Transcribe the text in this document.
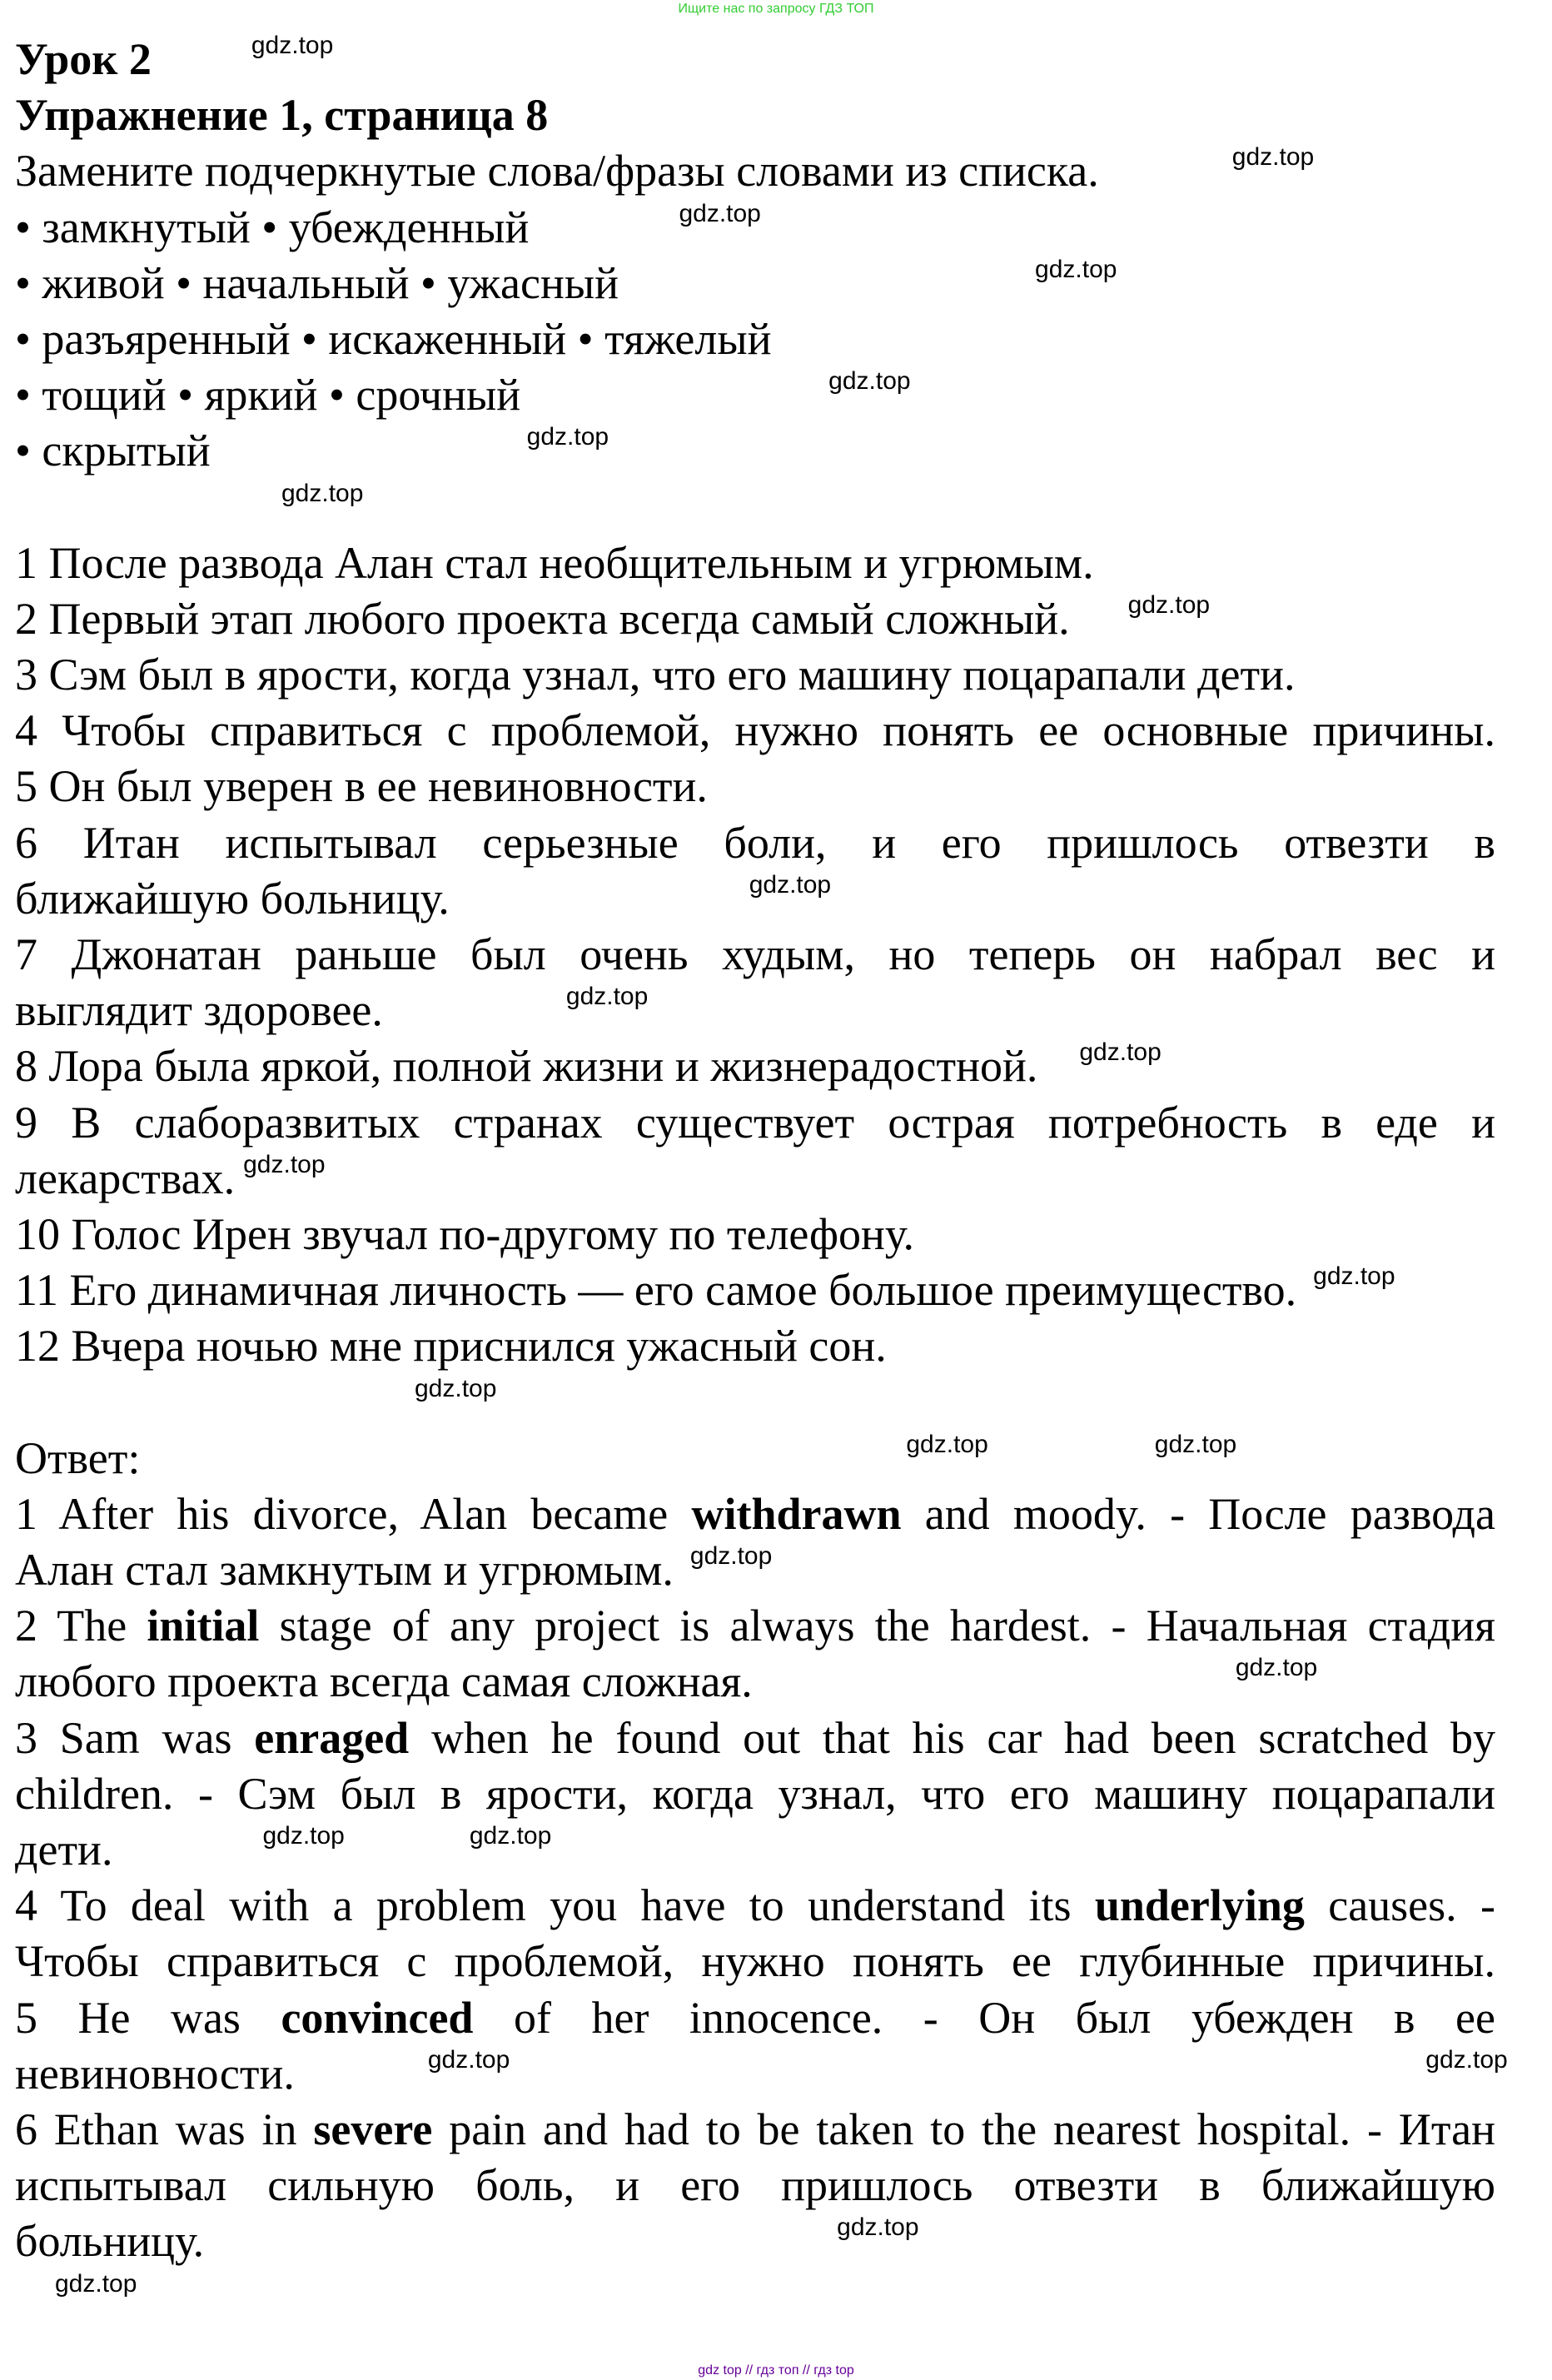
Ищите нас по запросу ГДЗ ТОП
Урок 2	gdz.top
Упражнение 1, страница 8
Замените подчеркнутые слова/фразы словами из списка.	gdz.top
• замкнутый • убежденный	gdz.top
• живой • начальный • ужасный	gdz.top
• разъяренный • искаженный • тяжелый
• тощий • яркий • срочный	gdz.top
• скрытый	gdz.top
gdz.top
1 После развода Алан стал необщительным и угрюмым.
2 Первый этап любого проекта всегда самый сложный. gdz.top
3 Сэм был в ярости, когда узнал, что его машину поцарапали дети.
4 Чтобы справиться с проблемой, нужно понять ее основные причины.
5 Он был уверен в ее невиновности.
6 Итан испытывал серьезные боли, и его пришлось отвезти в
ближайшую больницу.	gdz.top
7 Джонатан раньше был очень худым, но теперь он набрал вес и
выглядит здоровее.	gdz.top
8 Лора была яркой, полной жизни и жизнерадостной. gdz.top
9 В слаборазвитых странах существует острая потребность в еде и
лекарствах. gdz.top
10 Голос Ирен звучал по-другому по телефону.
11 Его динамичная личность — его самое большое преимущество. gdz.top
12 Вчера ночью мне приснился ужасный сон.
gdz.top
Ответ:	gdz.top	gdz.top
1 After his divorce, Alan became withdrawn and moody. - После развода
Алан стал замкнутым и угрюмым. gdz.top
2 The initial stage of any project is always the hardest. - Начальная стадия
любого проекта всегда самая сложная.	gdz.top
3 Sam was enraged when he found out that his car had been scratched by
children. - Сэм был в ярости, когда узнал, что его машину поцарапали
дети.	gdz.top	gdz.top
4 To deal with a problem you have to understand its underlying causes. -
Чтобы справиться с проблемой, нужно понять ее глубинные причины.
5 He was convinced of her innocence. - Он был убежден в ее
невиновности.	gdz.top	gdz.top
6 Ethan was in severe pain and had to be taken to the nearest hospital. - Итан
испытывал сильную боль, и его пришлось отвезти в ближайшую
больницу.	gdz.top
gdz.top
gdz top // гдз топ // гдз top
